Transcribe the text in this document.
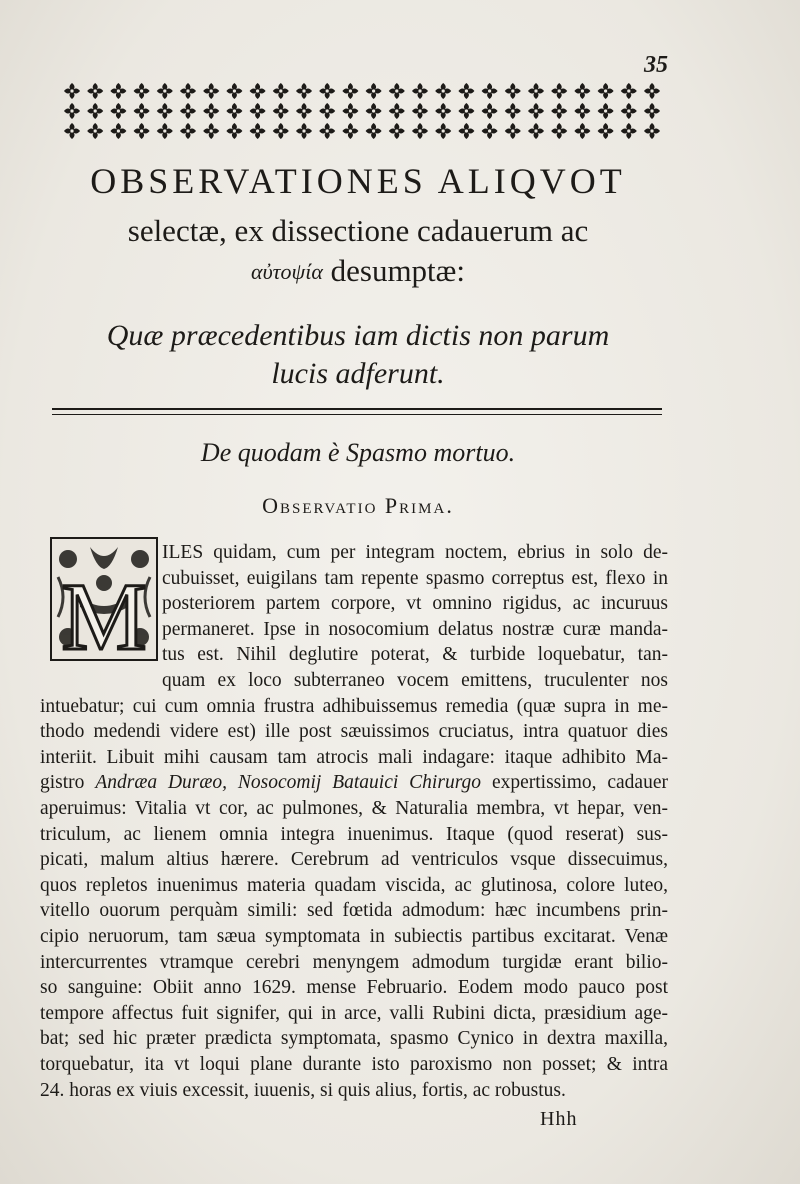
35
OBSERVATIONES ALIQVOT
selectæ, ex dissectione cadauerum ac
αὐτοψία desumptæ:
Quæ præcedentibus iam dictis non parum
lucis adferunt.
De quodam è Spasmo mortuo.
Observatio Prima.
M
ILES quidam, cum per integram noctem, ebrius in solo de-
cubuisset, euigilans tam repente spasmo correptus est, flexo in
posteriorem partem corpore, vt omnino rigidus, ac incuruus
permaneret. Ipse in nosocomium delatus nostræ curæ manda-
tus est. Nihil deglutire poterat, & turbide loquebatur, tan-
quam ex loco subterraneo vocem emittens, truculenter nos
intuebatur; cui cum omnia frustra adhibuissemus remedia (quæ supra in me-
thodo medendi videre est) ille post sæuissimos cruciatus, intra quatuor dies
interiit. Libuit mihi causam tam atrocis mali indagare: itaque adhibito Ma-
gistro Andræa Duræo, Nosocomij Batauici Chirurgo expertissimo, cadauer
aperuimus: Vitalia vt cor, ac pulmones, & Naturalia membra, vt hepar, ven-
triculum, ac lienem omnia integra inuenimus. Itaque (quod reserat) sus-
picati, malum altius hærere. Cerebrum ad ventriculos vsque dissecuimus,
quos repletos inuenimus materia quadam viscida, ac glutinosa, colore luteo,
vitello ouorum perquàm simili: sed fœtida admodum: hæc incumbens prin-
cipio neruorum, tam sæua symptomata in subiectis partibus excitarat. Venæ
intercurrentes vtramque cerebri menyngem admodum turgidæ erant bilio-
so sanguine: Obiit anno 1629. mense Februario. Eodem modo pauco post
tempore affectus fuit signifer, qui in arce, valli Rubini dicta, præsidium age-
bat; sed hic præter prædicta symptomata, spasmo Cynico in dextra maxilla,
torquebatur, ita vt loqui plane durante isto paroxismo non posset; & intra
24. horas ex viuis excessit, iuuenis, si quis alius, fortis, ac robustus.
Hhh
